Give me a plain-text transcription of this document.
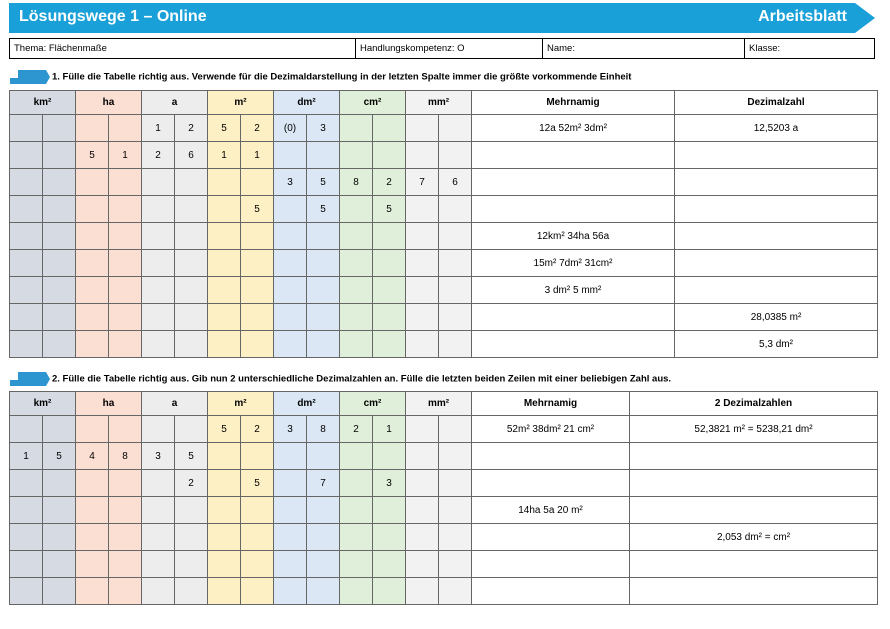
Lösungswege 1 – Online	Arbeitsblatt
Thema: Flächenmaße	Handlungskompetenz: O	Name:	Klasse:
1. Fülle die Tabelle richtig aus. Verwende für die Dezimaldarstellung in der letzten Spalte immer die größte vorkommende Einheit
km²		ha		a		m²		dm²		cm²		mm²		Mehrnamig	Dezimalzahl
				1	2	5	2	(0)	3					12a 52m² 3dm²	12,5203 a
		5	1	2	6	1	1								
								3	5	8	2	7	6		
							5		5		5				
														12km² 34ha 56a	
														15m² 7dm² 31cm²	
														3 dm² 5 mm²	
															28,0385 m²
															5,3 dm²
2. Fülle die Tabelle richtig aus. Gib nun 2 unterschiedliche Dezimalzahlen an. Fülle die letzten beiden Zeilen mit einer beliebigen Zahl aus.
km²		ha		a		m²		dm²		cm²		mm²		Mehrnamig	2 Dezimalzahlen
						5	2	3	8	2	1			52m² 38dm² 21 cm²	52,3821 m² = 5238,21 dm²
1	5	4	8	3	5										
					2		5		7		3				
														14ha 5a 20 m²	
															2,053 dm² = cm²
